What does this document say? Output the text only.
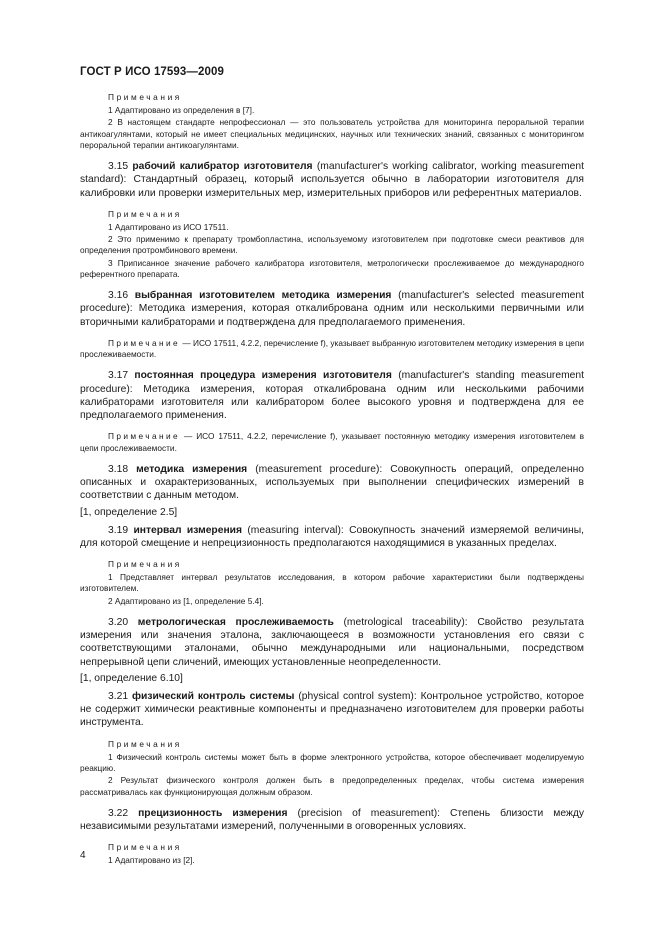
ГОСТ Р ИСО 17593—2009
Примечания
1 Адаптировано из определения в [7].
2 В настоящем стандарте непрофессионал — это пользователь устройства для мониторинга пероральной терапии антикоагулянтами, который не имеет специальных медицинских, научных или технических знаний, связанных с мониторингом пероральной терапии антикоагулянтами.
3.15 рабочий калибратор изготовителя (manufacturer's working calibrator, working measurement standard): Стандартный образец, который используется обычно в лаборатории изготовителя для калибровки или проверки измерительных мер, измерительных приборов или референтных материалов.
Примечания
1 Адаптировано из ИСО 17511.
2 Это применимо к препарату тромбопластина, используемому изготовителем при подготовке смеси реактивов для определения протромбинового времени.
3 Приписанное значение рабочего калибратора изготовителя, метрологически прослеживаемое до международного референтного препарата.
3.16 выбранная изготовителем методика измерения (manufacturer's selected measurement procedure): Методика измерения, которая откалибрована одним или несколькими первичными или вторичными калибраторами и подтверждена для предполагаемого применения.
Примечание — ИСО 17511, 4.2.2, перечисление f), указывает выбранную изготовителем методику измерения в цепи прослеживаемости.
3.17 постоянная процедура измерения изготовителя (manufacturer's standing measurement procedure): Методика измерения, которая откалибрована одним или несколькими рабочими калибраторами изготовителя или калибратором более высокого уровня и подтверждена для ее предполагаемого применения.
Примечание — ИСО 17511, 4.2.2, перечисление f), указывает постоянную методику измерения изготовителем в цепи прослеживаемости.
3.18 методика измерения (measurement procedure): Совокупность операций, определенно описанных и охарактеризованных, используемых при выполнении специфических измерений в соответствии с данным методом.
[1, определение 2.5]
3.19 интервал измерения (measuring interval): Совокупность значений измеряемой величины, для которой смещение и непрецизионность предполагаются находящимися в указанных пределах.
Примечания
1 Представляет интервал результатов исследования, в котором рабочие характеристики были подтверждены изготовителем.
2 Адаптировано из [1, определение 5.4].
3.20 метрологическая прослеживаемость (metrological traceability): Свойство результата измерения или значения эталона, заключающееся в возможности установления его связи с соответствующими эталонами, обычно международными или национальными, посредством непрерывной цепи сличений, имеющих установленные неопределенности.
[1, определение 6.10]
3.21 физический контроль системы (physical control system): Контрольное устройство, которое не содержит химически реактивные компоненты и предназначено изготовителем для проверки работы инструмента.
Примечания
1 Физический контроль системы может быть в форме электронного устройства, которое обеспечивает моделируемую реакцию.
2 Результат физического контроля должен быть в предопределенных пределах, чтобы система измерения рассматривалась как функционирующая должным образом.
3.22 прецизионность измерения (precision of measurement): Степень близости между независимыми результатами измерений, полученными в оговоренных условиях.
Примечания
1 Адаптировано из [2].
4
